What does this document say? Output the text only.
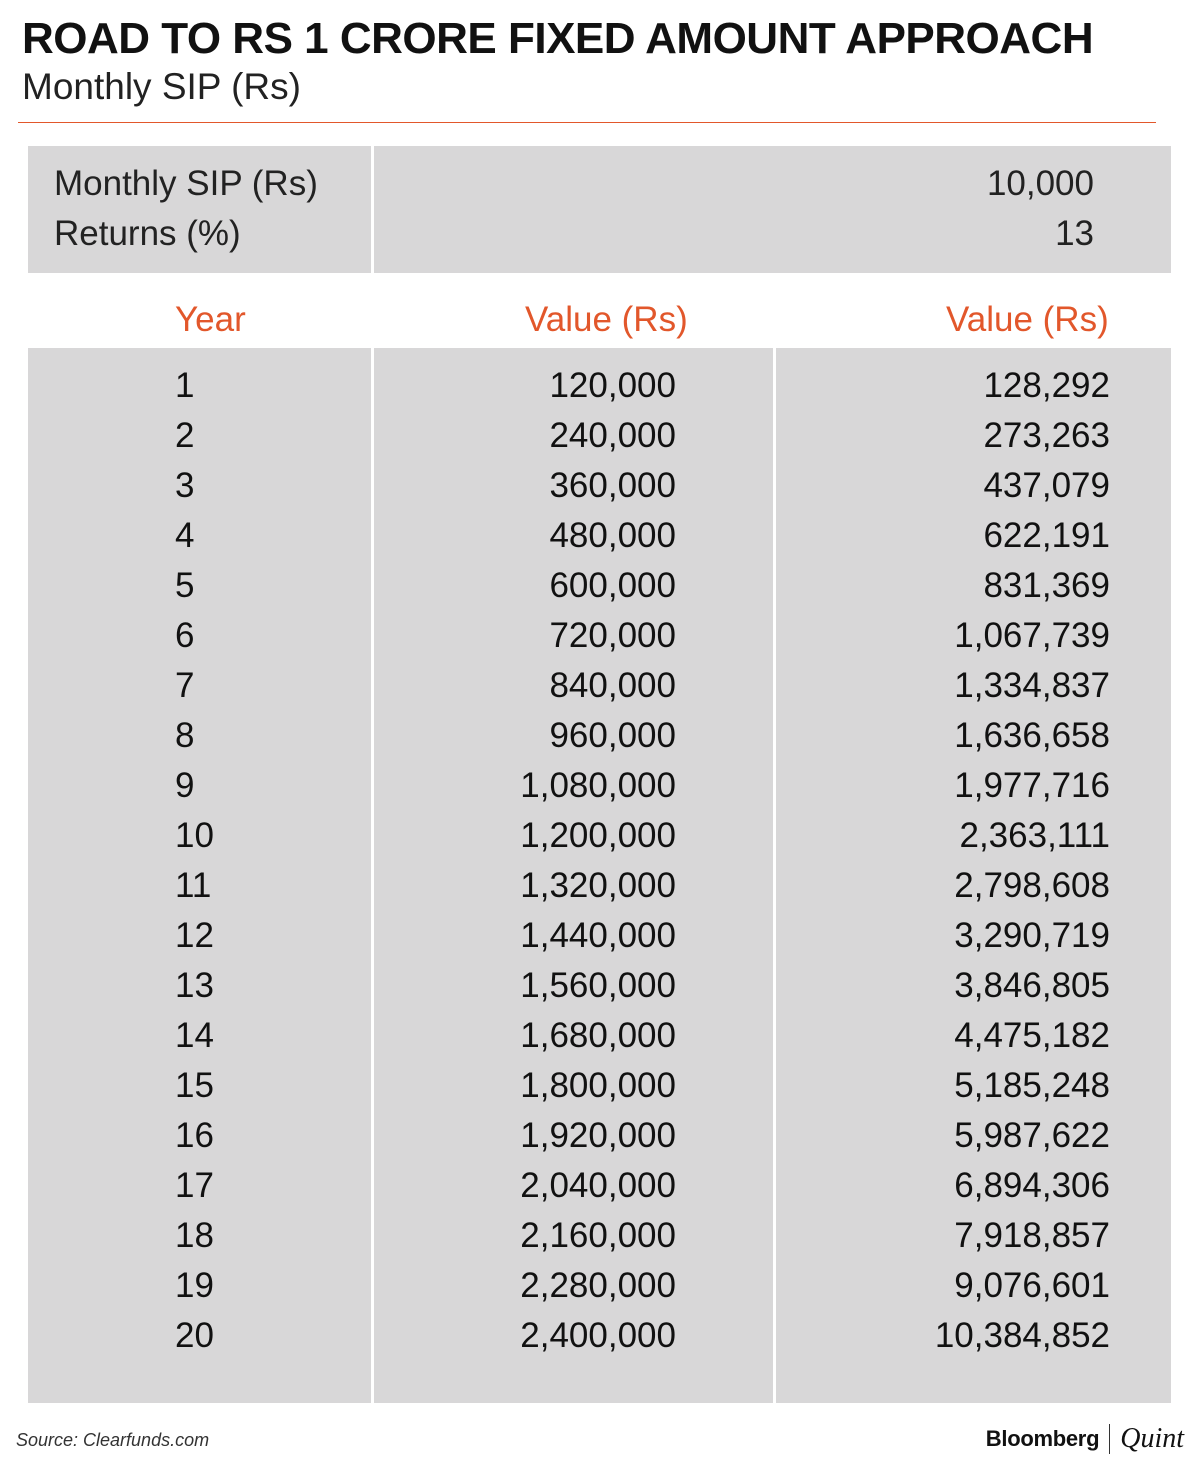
ROAD TO RS 1 CRORE FIXED AMOUNT APPROACH
Monthly SIP (Rs)
Monthly SIP (Rs)	10,000
Returns (%)	13
Year	Value (Rs)	Value (Rs)
1	120,000	128,292
2	240,000	273,263
3	360,000	437,079
4	480,000	622,191
5	600,000	831,369
6	720,000	1,067,739
7	840,000	1,334,837
8	960,000	1,636,658
9	1,080,000	1,977,716
10	1,200,000	2,363,111
11	1,320,000	2,798,608
12	1,440,000	3,290,719
13	1,560,000	3,846,805
14	1,680,000	4,475,182
15	1,800,000	5,185,248
16	1,920,000	5,987,622
17	2,040,000	6,894,306
18	2,160,000	7,918,857
19	2,280,000	9,076,601
20	2,400,000	10,384,852
Source: Clearfunds.com	Bloomberg Quint
